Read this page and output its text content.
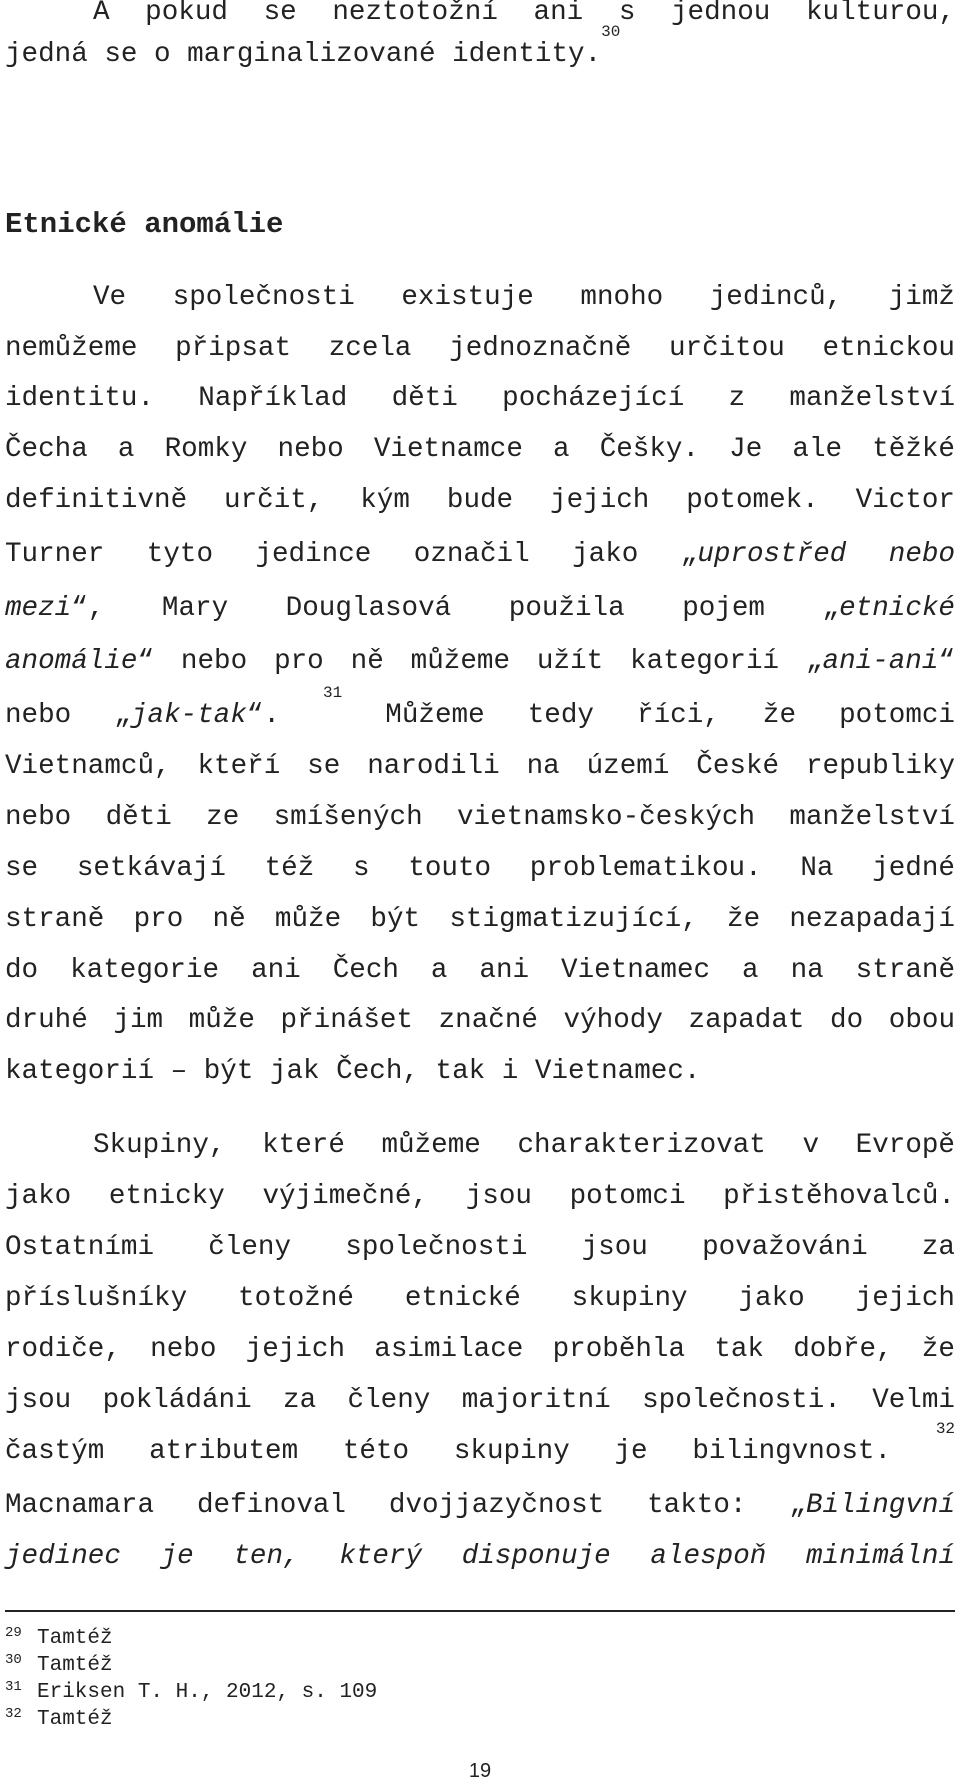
A pokud se neztotožní ani s jednou kulturou,
jedná se o marginalizované identity.$^{30}$
Etnické anomálie
Ve společnosti existuje mnoho jedinců, jimž
nemůžeme připsat zcela jednoznačně určitou etnickou
identitu. Například děti pocházející z manželství
Čecha a Romky nebo Vietnamce a Češky. Je ale těžké
definitivně určit, kým bude jejich potomek. Victor
Turner tyto jedince označil jako „uprostřed nebo
mezi“, Mary Douglasová použila pojem „etnické
anomálie“ nebo pro ně můžeme užít kategorií „ani-ani“
nebo „jak-tak“. $^{31}$ Můžeme tedy říci, že potomci
Vietnamců, kteří se narodili na území České republiky
nebo děti ze smíšených vietnamsko-českých manželství
se setkávají též s touto problematikou. Na jedné
straně pro ně může být stigmatizující, že nezapadají
do kategorie ani Čech a ani Vietnamec a na straně
druhé jim může přinášet značné výhody zapadat do obou
kategorií – být jak Čech, tak i Vietnamec.
Skupiny, které můžeme charakterizovat v Evropě
jako etnicky výjimečné, jsou potomci přistěhovalců.
Ostatními členy společnosti jsou považováni za
příslušníky totožné etnické skupiny jako jejich
rodiče, nebo jejich asimilace proběhla tak dobře, že
jsou pokládáni za členy majoritní společnosti. Velmi
častým atributem této skupiny je bilingvnost. $^{32}$
Macnamara definoval dvojjazyčnost takto: „Bilingvní
jedinec je ten, který disponuje alespoň minimální
29 Tamtéž
30 Tamtéž
31 Eriksen T. H., 2012, s. 109
32 Tamtéž
19
